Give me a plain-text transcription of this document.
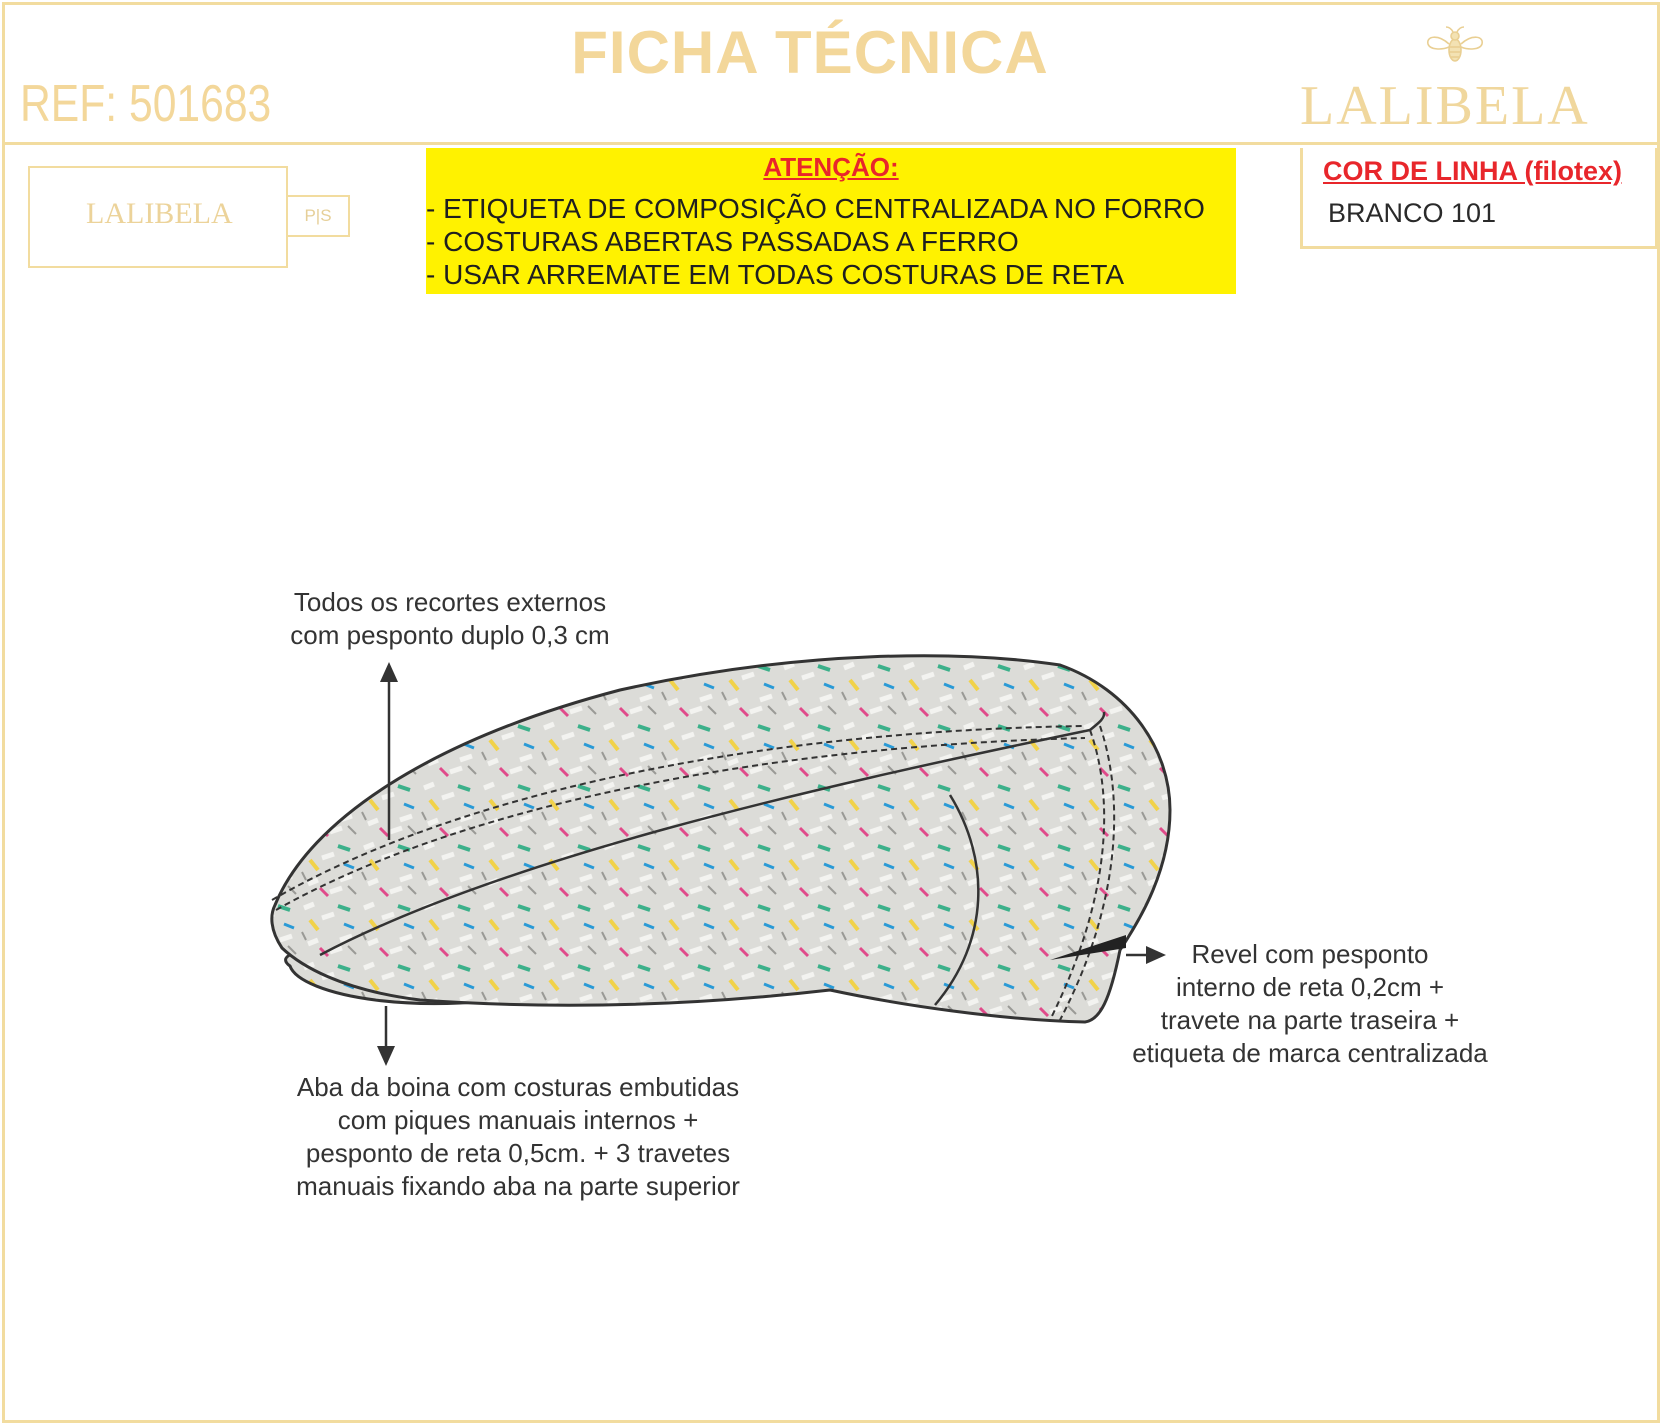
FICHA TÉCNICA
REF: 501683	LALIBELA
LALIBELA	P|S
ATENÇÃO:
- ETIQUETA DE COMPOSIÇÃO CENTRALIZADA NO FORRO
- COSTURAS ABERTAS PASSADAS A FERRO
- USAR ARREMATE EM TODAS COSTURAS DE RETA
COR DE LINHA (filotex)
BRANCO 101
Todos os recortes externos
com pesponto duplo 0,3 cm
Aba da boina com costuras embutidas
com piques manuais internos +
pesponto de reta 0,5cm. + 3 travetes
manuais fixando aba na parte superior
Revel com pesponto
interno de reta 0,2cm +
travete na parte traseira +
etiqueta de marca centralizada
